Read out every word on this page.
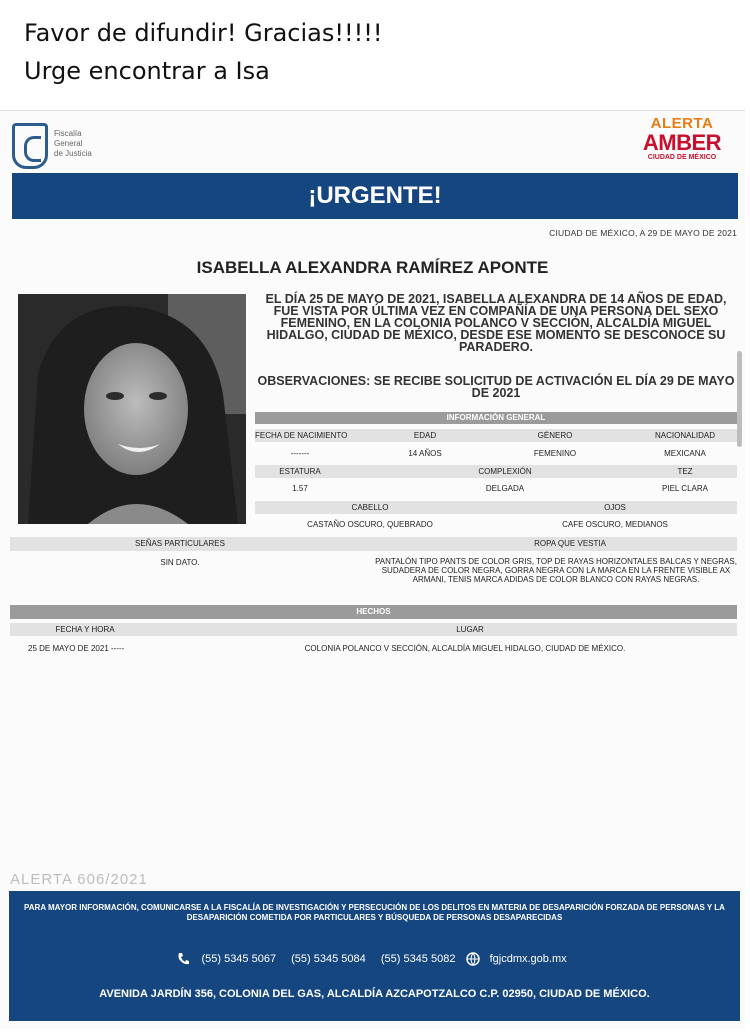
Favor de difundir! Gracias!!!!!
Urge encontrar a Isa
Fiscalía
General
de Justicia
ALERTA
AMBER
CIUDAD DE MÉXICO
¡URGENTE!
CIUDAD DE MÉXICO, A 29 DE MAYO DE 2021
ISABELLA ALEXANDRA RAMÍREZ APONTE
EL DÍA 25 DE MAYO DE 2021, ISABELLA ALEXANDRA DE 14 AÑOS DE EDAD, FUE VISTA POR ÚLTIMA VEZ EN COMPAÑÍA DE UNA PERSONA DEL SEXO FEMENINO, EN LA COLONIA POLANCO V SECCIÓN, ALCALDÍA MIGUEL HIDALGO, CIUDAD DE MÉXICO, DESDE ESE MOMENTO SE DESCONOCE SU PARADERO.
OBSERVACIONES: SE RECIBE SOLICITUD DE ACTIVACIÓN EL DÍA 29 DE MAYO DE 2021
INFORMACIÓN GENERAL
FECHA DE NACIMIENTO	EDAD	GÉNERO	NACIONALIDAD
-------	14 AÑOS	FEMENINO	MEXICANA
ESTATURA	COMPLEXIÓN	TEZ
1.57	DELGADA	PIEL CLARA
CABELLO	OJOS
CASTAÑO OSCURO, QUEBRADO	CAFE OSCURO, MEDIANOS
SEÑAS PARTICULARES	ROPA QUE VESTIA
SIN DATO.	PANTALÓN TIPO PANTS DE COLOR GRIS, TOP DE RAYAS HORIZONTALES BALCAS Y NEGRAS, SUDADERA DE COLOR NEGRA, GORRA NEGRA CON LA MARCA EN LA FRENTE VISIBLE AX ARMANI, TENIS MARCA ADIDAS DE COLOR BLANCO CON RAYAS NEGRAS.
HECHOS
FECHA Y HORA	LUGAR
25 DE MAYO DE 2021 -----	COLONIA POLANCO V SECCIÓN, ALCALDÍA MIGUEL HIDALGO, CIUDAD DE MÉXICO.
ALERTA 606/2021
PARA MAYOR INFORMACIÓN, COMUNICARSE A LA FISCALÍA DE INVESTIGACIÓN Y PERSECUCIÓN DE LOS DELITOS EN MATERIA DE DESAPARICIÓN FORZADA DE PERSONAS Y LA DESAPARICIÓN COMETIDA POR PARTICULARES Y BÚSQUEDA DE PERSONAS DESAPARECIDAS
(55) 5345 5067 (55) 5345 5084 (55) 5345 5082	fgjcdmx.gob.mx
AVENIDA JARDÍN 356, COLONIA DEL GAS, ALCALDÍA AZCAPOTZALCO C.P. 02950, CIUDAD DE MÉXICO.
